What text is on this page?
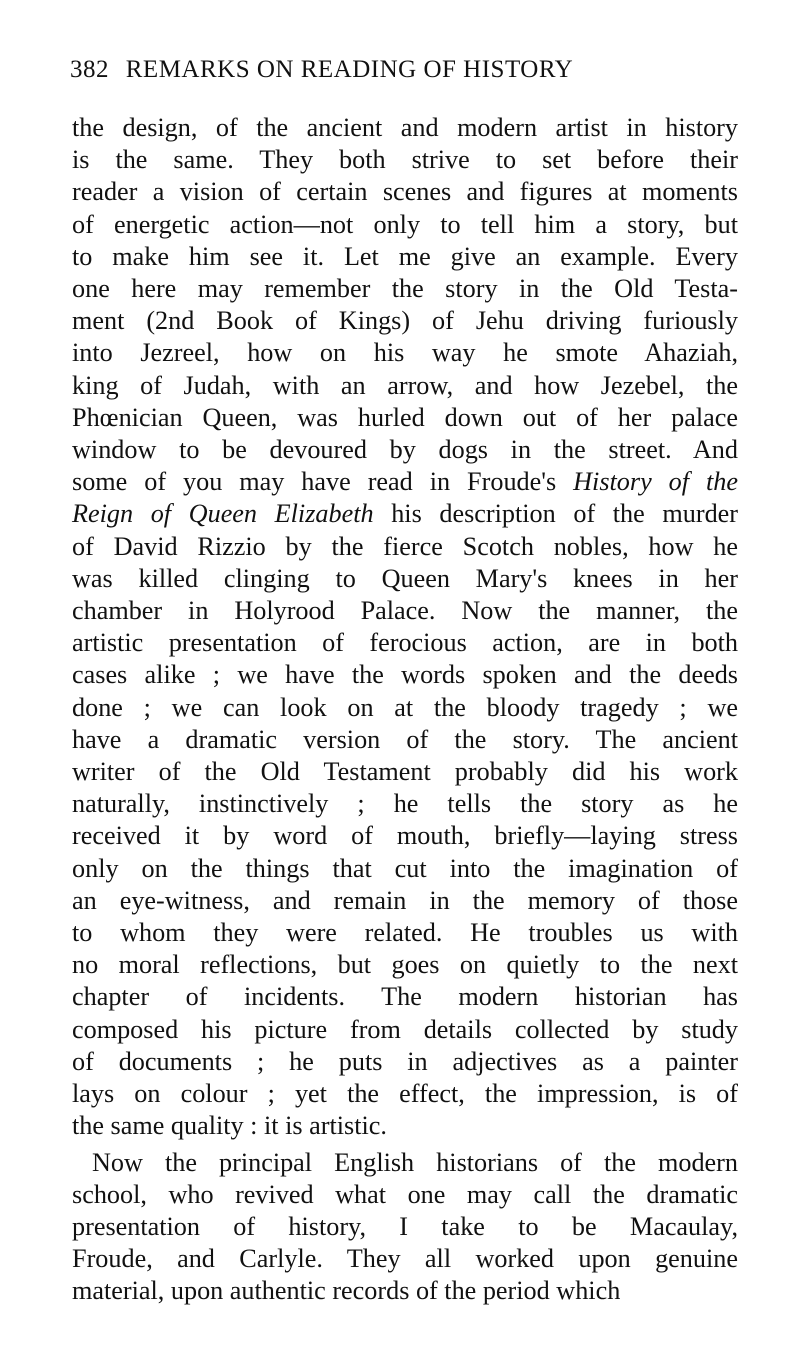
382 REMARKS ON READING OF HISTORY
the design, of the ancient and modern artist in history
is the same. They both strive to set before their
reader a vision of certain scenes and figures at moments
of energetic action—not only to tell him a story, but
to make him see it. Let me give an example. Every
one here may remember the story in the Old Testa-
ment (2nd Book of Kings) of Jehu driving furiously
into Jezreel, how on his way he smote Ahaziah,
king of Judah, with an arrow, and how Jezebel, the
Phœnician Queen, was hurled down out of her palace
window to be devoured by dogs in the street. And
some of you may have read in Froude's History of the
Reign of Queen Elizabeth his description of the murder
of David Rizzio by the fierce Scotch nobles, how he
was killed clinging to Queen Mary's knees in her
chamber in Holyrood Palace. Now the manner, the
artistic presentation of ferocious action, are in both
cases alike ; we have the words spoken and the deeds
done ; we can look on at the bloody tragedy ; we
have a dramatic version of the story. The ancient
writer of the Old Testament probably did his work
naturally, instinctively ; he tells the story as he
received it by word of mouth, briefly—laying stress
only on the things that cut into the imagination of
an eye-witness, and remain in the memory of those
to whom they were related. He troubles us with
no moral reflections, but goes on quietly to the next
chapter of incidents. The modern historian has
composed his picture from details collected by study
of documents ; he puts in adjectives as a painter
lays on colour ; yet the effect, the impression, is of
the same quality : it is artistic.
Now the principal English historians of the modern
school, who revived what one may call the dramatic
presentation of history, I take to be Macaulay,
Froude, and Carlyle. They all worked upon genuine
material, upon authentic records of the period which
